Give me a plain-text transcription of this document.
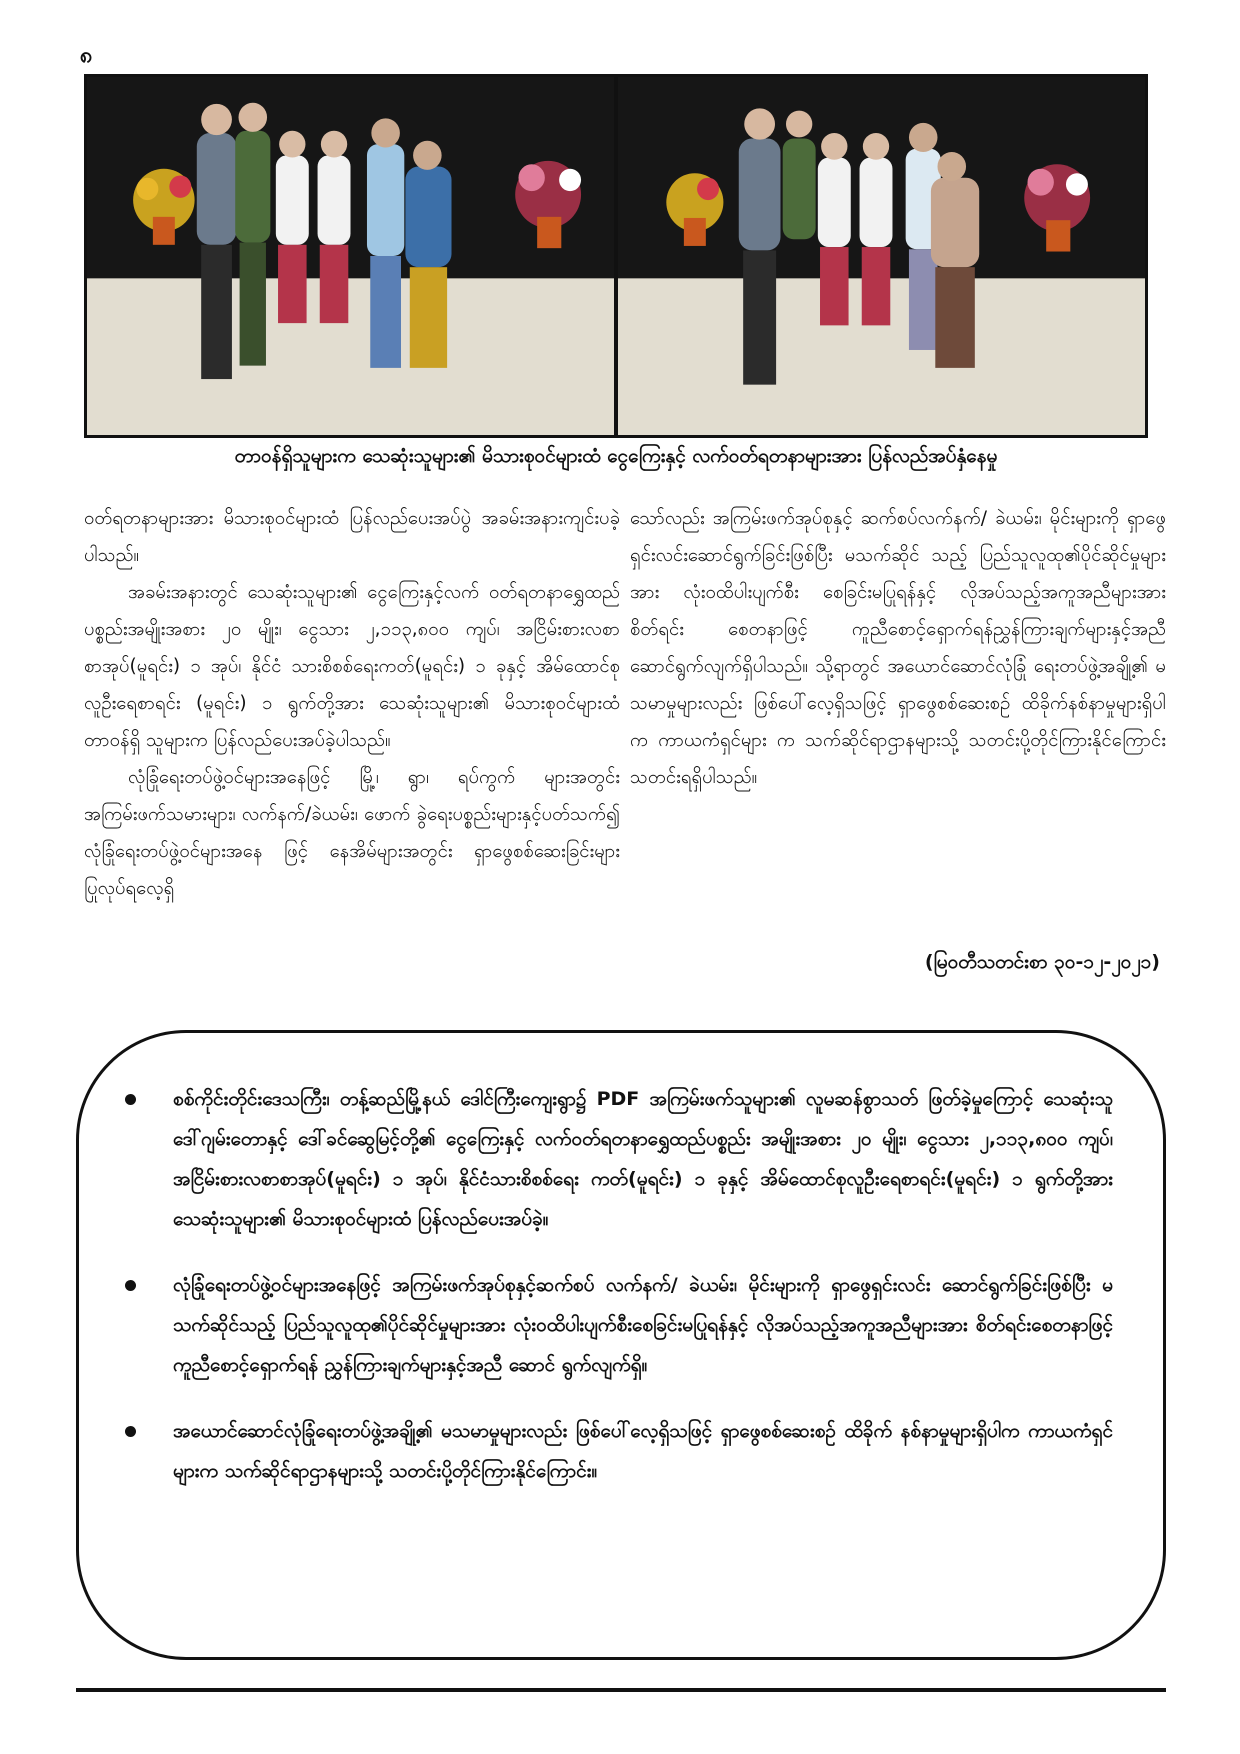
၈
တာဝန်ရှိသူများက သေဆုံးသူများ၏ မိသားစုဝင်များထံ ငွေကြေးနှင့် လက်ဝတ်ရတနာများအား ပြန်လည်အပ်နှံနေမှု

ဝတ်ရတနာများအား မိသားစုဝင်များထံ ပြန်လည်ပေးအပ်ပွဲ အခမ်းအနားကျင်းပခဲ့ပါသည်။

အခမ်းအနားတွင် သေဆုံးသူများ၏ ငွေကြေးနှင့်လက် ဝတ်ရတနာရွှေထည် ပစ္စည်းအမျိုးအစား ၂၀ မျိုး၊ ငွေသား ၂,၁၁၃,၈၀၀ ကျပ်၊ အငြိမ်းစားလစာစာအုပ်(မူရင်း) ၁ အုပ်၊ နိုင်ငံ သားစိစစ်ရေးကတ်(မူရင်း) ၁ ခုနှင့် အိမ်ထောင်စုလူဦးရေစာရင်း (မူရင်း) ၁ ရွက်တို့အား သေဆုံးသူများ၏ မိသားစုဝင်များထံ တာဝန်ရှိ သူများက ပြန်လည်ပေးအပ်ခဲ့ပါသည်။

လုံခြုံရေးတပ်ဖွဲ့ဝင်များအနေဖြင့် မြို့၊ ရွာ၊ ရပ်ကွက် များအတွင်း အကြမ်းဖက်သမားများ၊ လက်နက်/ခဲယမ်း၊ ဖောက် ခွဲရေးပစ္စည်းများနှင့်ပတ်သက်၍ လုံခြုံရေးတပ်ဖွဲ့ဝင်များအနေ ဖြင့် နေအိမ်များအတွင်း ရှာဖွေစစ်ဆေးခြင်းများ ပြုလုပ်ရလေ့ရှိ

သော်လည်း အကြမ်းဖက်အုပ်စုနှင့် ဆက်စပ်လက်နက်/ ခဲယမ်း၊ မိုင်းများကို ရှာဖွေရှင်းလင်းဆောင်ရွက်ခြင်းဖြစ်ပြီး မသက်ဆိုင် သည့် ပြည်သူလူထု၏ပိုင်ဆိုင်မှုများအား လုံးဝထိပါးပျက်စီး စေခြင်းမပြုရန်နှင့် လိုအပ်သည့်အကူအညီများအား စိတ်ရင်း စေတနာဖြင့် ကူညီစောင့်ရှောက်ရန်ညွှန်ကြားချက်များနှင့်အညီ ဆောင်ရွက်လျက်ရှိပါသည်။ သို့ရာတွင် အယောင်ဆောင်လုံခြုံ ရေးတပ်ဖွဲ့အချို့၏ မသမာမှုများလည်း ဖြစ်ပေါ်လေ့ရှိသဖြင့် ရှာဖွေစစ်ဆေးစဉ် ထိခိုက်နစ်နာမှုများရှိပါက ကာယကံရှင်များ က သက်ဆိုင်ရာဌာနများသို့ သတင်းပို့တိုင်ကြားနိုင်ကြောင်း သတင်းရရှိပါသည်။

(မြဝတီသတင်းစာ ၃၀-၁၂-၂၀၂၁)
စစ်ကိုင်းတိုင်းဒေသကြီး၊ တန့်ဆည်မြို့နယ် ဒေါင်ကြီးကျေးရွာ၌ PDF အကြမ်းဖက်သူများ၏ လူမဆန်စွာသတ် ဖြတ်ခဲ့မှုကြောင့် သေဆုံးသူဒေါ်ဂျမ်းတောနှင့် ဒေါ်ခင်ဆွေမြင့်တို့၏ ငွေကြေးနှင့် လက်ဝတ်ရတနာရွှေထည်ပစ္စည်း အမျိုးအစား ၂၀ မျိုး၊ ငွေသား ၂,၁၁၃,၈၀၀ ကျပ်၊ အငြိမ်းစားလစာစာအုပ်(မူရင်း) ၁ အုပ်၊ နိုင်ငံသားစိစစ်ရေး ကတ်(မူရင်း) ၁ ခုနှင့် အိမ်ထောင်စုလူဦးရေစာရင်း(မူရင်း) ၁ ရွက်တို့အား သေဆုံးသူများ၏ မိသားစုဝင်များထံ ပြန်လည်ပေးအပ်ခဲ့။
လုံခြုံရေးတပ်ဖွဲ့ဝင်များအနေဖြင့် အကြမ်းဖက်အုပ်စုနှင့်ဆက်စပ် လက်နက်/ ခဲယမ်း၊ မိုင်းများကို ရှာဖွေရှင်းလင်း ဆောင်ရွက်ခြင်းဖြစ်ပြီး မသက်ဆိုင်သည့် ပြည်သူလူထု၏ပိုင်ဆိုင်မှုများအား လုံးဝထိပါးပျက်စီးစေခြင်းမပြုရန်နှင့် လိုအပ်သည့်အကူအညီများအား စိတ်ရင်းစေတနာဖြင့် ကူညီစောင့်ရှောက်ရန် ညွှန်ကြားချက်များနှင့်အညီ ဆောင် ရွက်လျက်ရှိ။
အယောင်ဆောင်လုံခြုံရေးတပ်ဖွဲ့အချို့၏ မသမာမှုများလည်း ဖြစ်ပေါ်လေ့ရှိသဖြင့် ရှာဖွေစစ်ဆေးစဉ် ထိခိုက် နစ်နာမှုများရှိပါက ကာယကံရှင်များက သက်ဆိုင်ရာဌာနများသို့ သတင်းပို့တိုင်ကြားနိုင်ကြောင်း။
